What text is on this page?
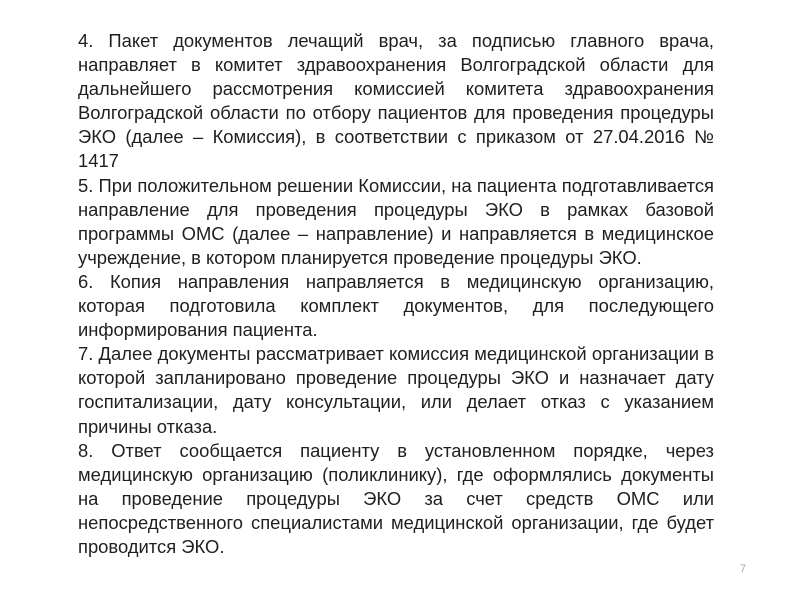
4. Пакет документов лечащий врач, за подписью главного врача, направляет в комитет здравоохранения Волгоградской области для дальнейшего рассмотрения комиссией комитета здравоохранения Волгоградской области по отбору пациентов для проведения процедуры ЭКО (далее – Комиссия), в соответствии с приказом от 27.04.2016 № 1417

5. При положительном решении Комиссии, на пациента подготавливается направление для проведения процедуры ЭКО в рамках базовой программы ОМС (далее – направление) и направляется в медицинское учреждение, в котором планируется проведение процедуры ЭКО.

6. Копия направления направляется в медицинскую организацию, которая подготовила комплект документов, для последующего информирования пациента.

7. Далее документы рассматривает комиссия медицинской организации в которой запланировано проведение процедуры ЭКО и назначает дату госпитализации, дату консультации, или делает отказ с указанием причины отказа.

8. Ответ сообщается пациенту в установленном порядке, через медицинскую организацию (поликлинику), где оформлялись документы на проведение процедуры ЭКО за счет средств ОМС или непосредственного специалистами медицинской организации, где будет проводится ЭКО.

7
